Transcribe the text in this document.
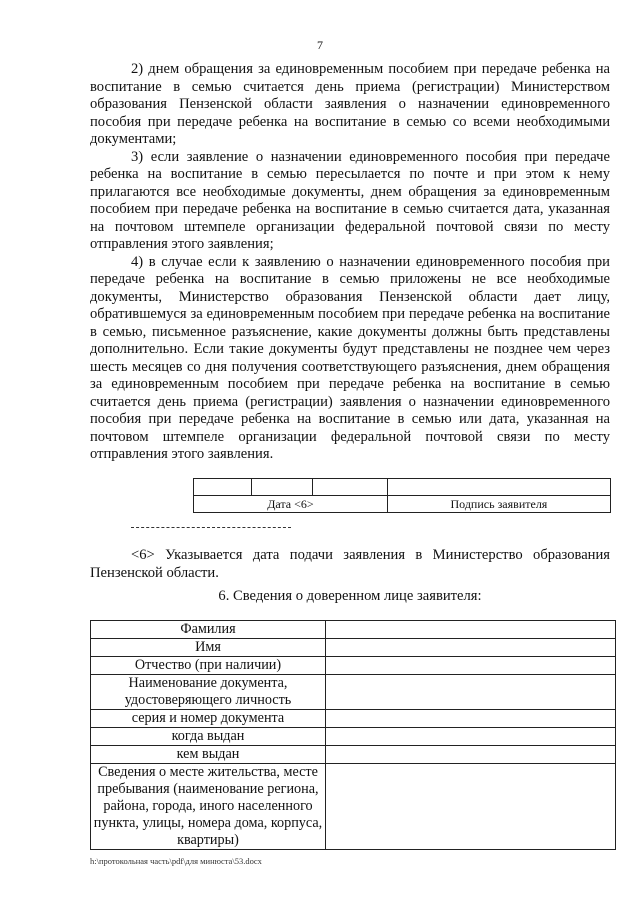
7

2) днем обращения за единовременным пособием при передаче ребенка на воспитание в семью считается день приема (регистрации) Министерством образования Пензенской области заявления о назначении единовременного пособия при передаче ребенка на воспитание в семью со всеми необходимыми документами;

3) если заявление о назначении единовременного пособия при передаче ребенка на воспитание в семью пересылается по почте и при этом к нему прилагаются все необходимые документы, днем обращения за единовременным пособием при передаче ребенка на воспитание в семью считается дата, указанная на почтовом штемпеле организации федеральной почтовой связи по месту отправления этого заявления;

4) в случае если к заявлению о назначении единовременного пособия при передаче ребенка на воспитание в семью приложены не все необходимые документы, Министерство образования Пензенской области дает лицу, обратившемуся за единовременным пособием при передаче ребенка на воспитание в семью, письменное разъяснение, какие документы должны быть представлены дополнительно. Если такие документы будут представлены не позднее чем через шесть месяцев со дня получения соответствующего разъяснения, днем обращения за единовременным пособием при передаче ребенка на воспитание в семью считается день приема (регистрации) заявления о назначении единовременного пособия при передаче ребенка на воспитание в семью или дата, указанная на почтовом штемпеле организации федеральной почтовой связи по месту отправления этого заявления.

Дата <6>			Подпись заявителя

<6> Указывается дата подачи заявления в Министерство образования Пензенской области.

6. Сведения о доверенном лице заявителя:
Фамилия	
Имя	
Отчество (при наличии)	
Наименование документа, удостоверяющего личность	
серия и номер документа	
когда выдан	
кем выдан	
Сведения о месте жительства, месте пребывания (наименование региона, района, города, иного населенного пункта, улицы, номера дома, корпуса, квартиры)	
h:\протокольная часть\pdf\для минюста\53.docx
